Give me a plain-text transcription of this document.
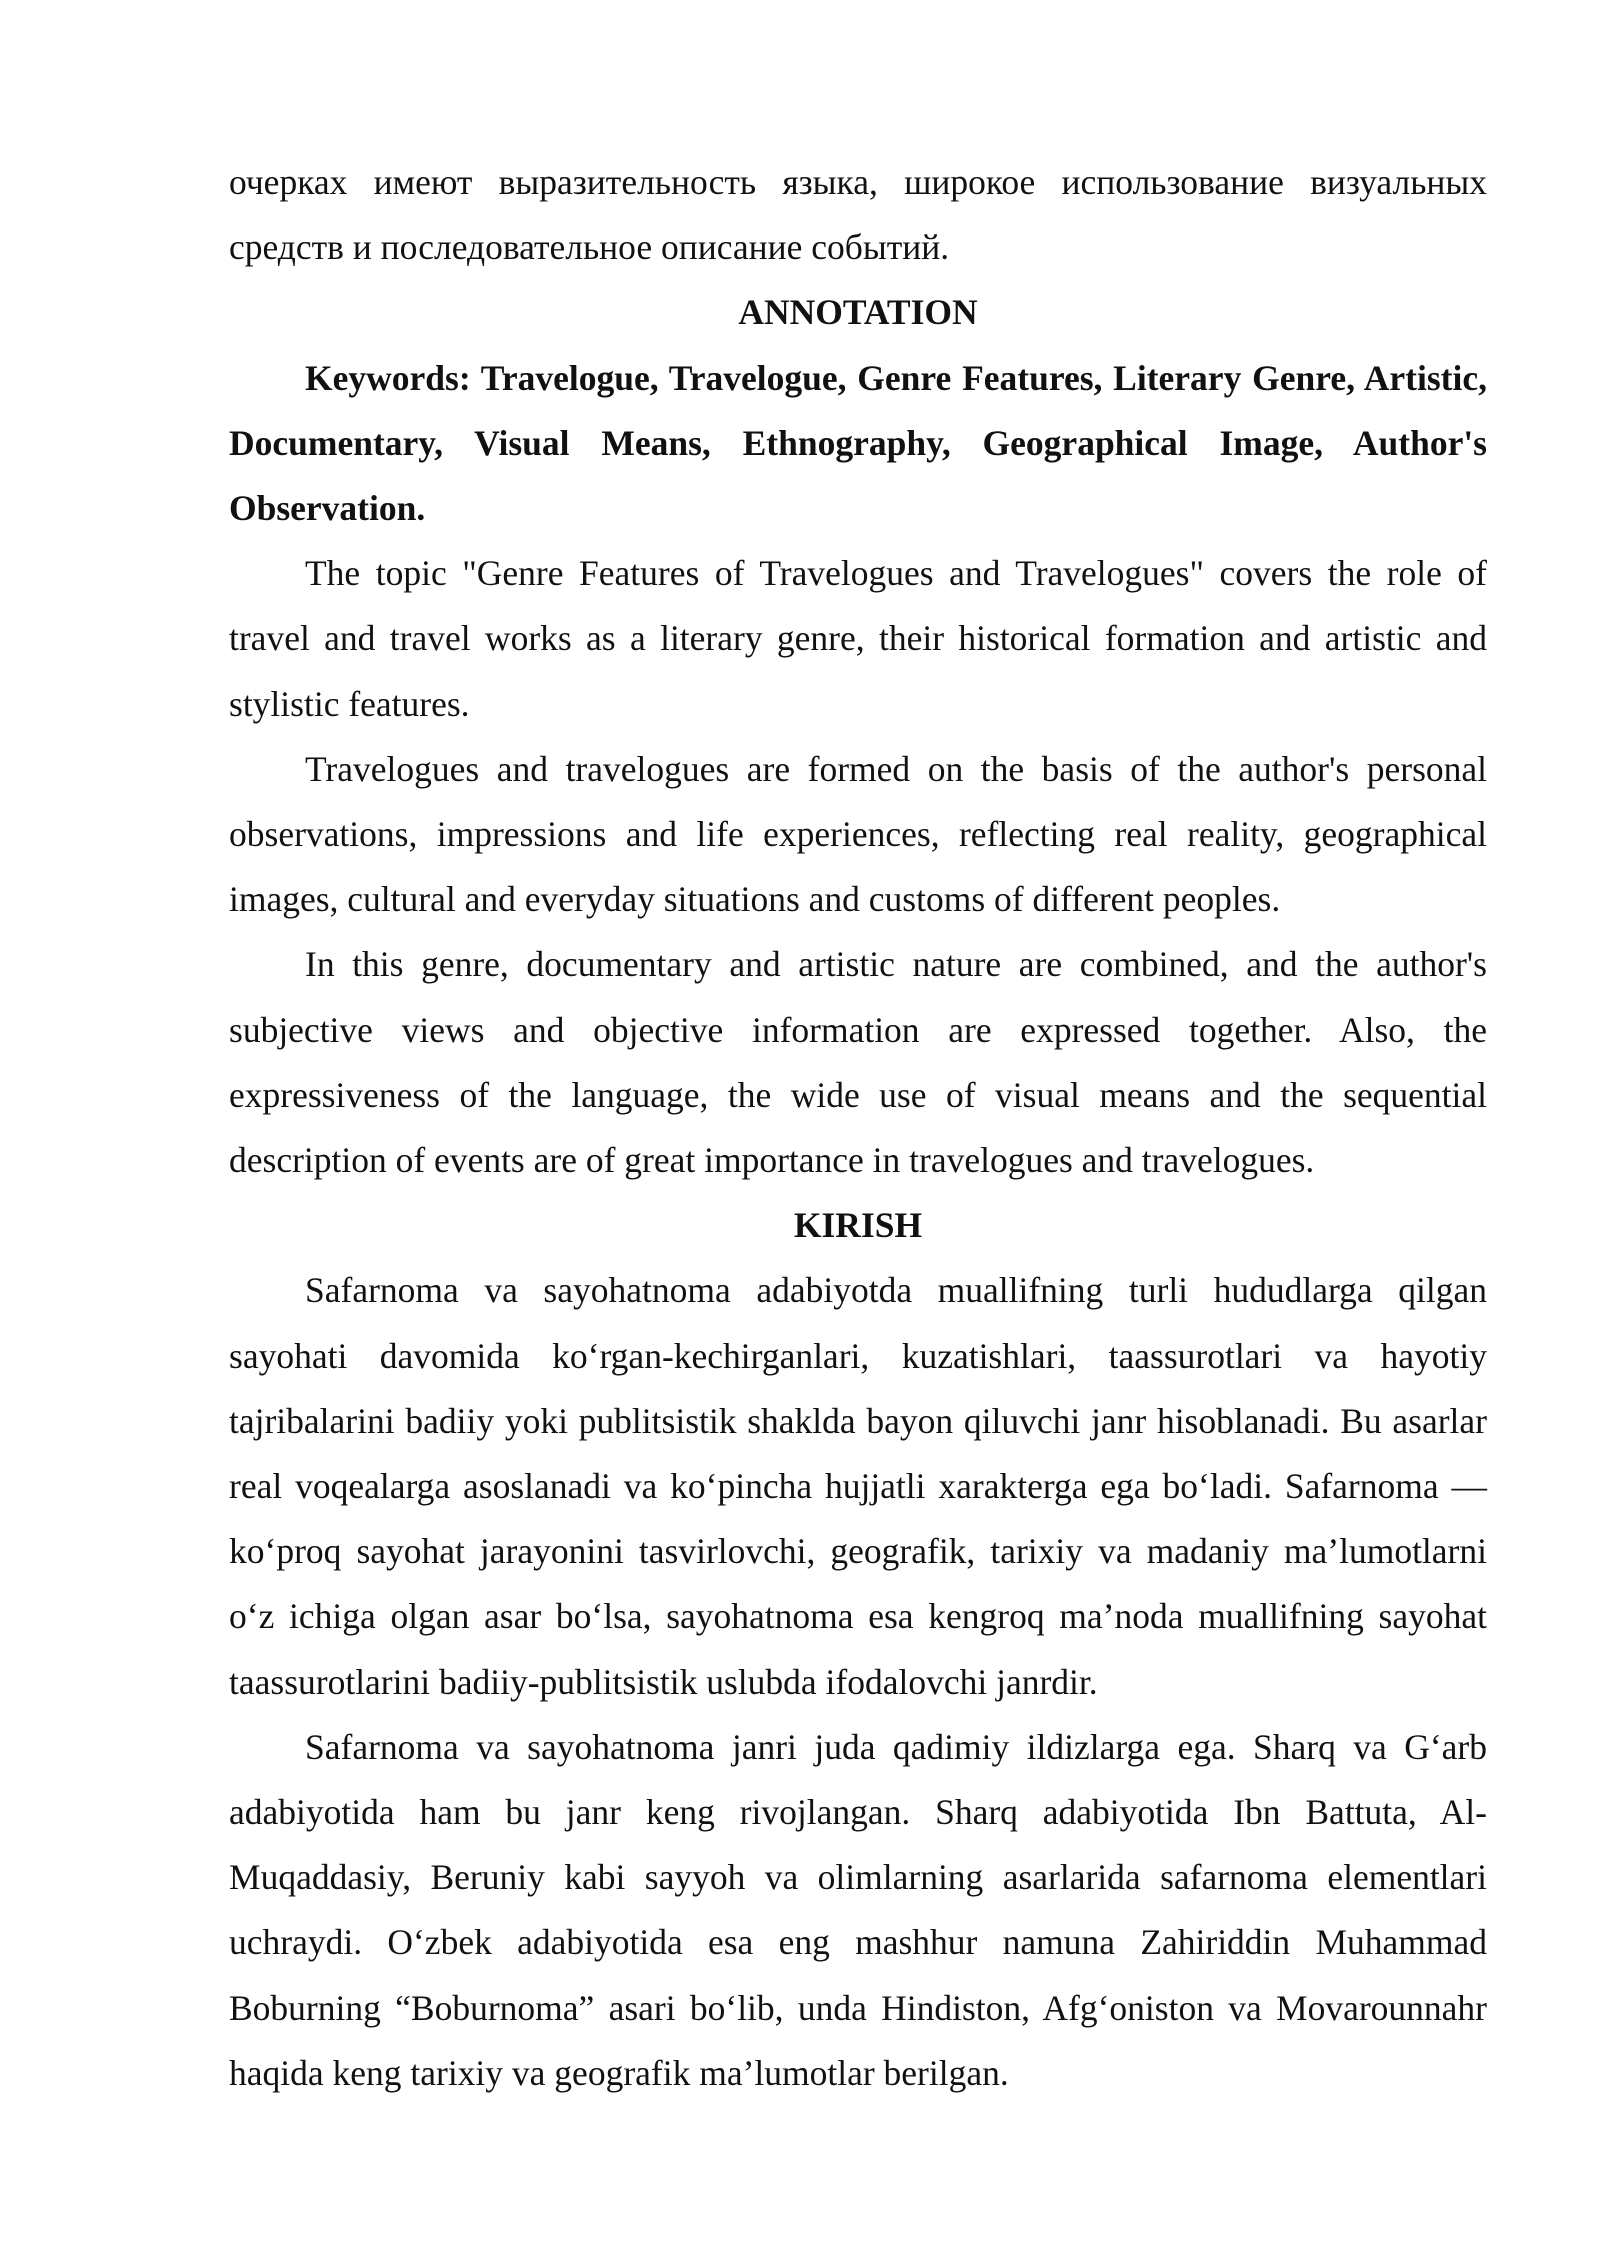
очерках имеют выразительность языка, широкое использование визуальных средств и последовательное описание событий.

ANNOTATION

Keywords: Travelogue, Travelogue, Genre Features, Literary Genre, Artistic, Documentary, Visual Means, Ethnography, Geographical Image, Author's Observation.

The topic "Genre Features of Travelogues and Travelogues" covers the role of travel and travel works as a literary genre, their historical formation and artistic and stylistic features.

Travelogues and travelogues are formed on the basis of the author's personal observations, impressions and life experiences, reflecting real reality, geographical images, cultural and everyday situations and customs of different peoples.

In this genre, documentary and artistic nature are combined, and the author's subjective views and objective information are expressed together. Also, the expressiveness of the language, the wide use of visual means and the sequential description of events are of great importance in travelogues and travelogues.

KIRISH

Safarnoma va sayohatnoma adabiyotda muallifning turli hududlarga qilgan sayohati davomida ko‘rgan-kechirganlari, kuzatishlari, taassurotlari va hayotiy tajribalarini badiiy yoki publitsistik shaklda bayon qiluvchi janr hisoblanadi. Bu asarlar real voqealarga asoslanadi va ko‘pincha hujjatli xarakterga ega bo‘ladi. Safarnoma — ko‘proq sayohat jarayonini tasvirlovchi, geografik, tarixiy va madaniy ma’lumotlarni o‘z ichiga olgan asar bo‘lsa, sayohatnoma esa kengroq ma’noda muallifning sayohat taassurotlarini badiiy-publitsistik uslubda ifodalovchi janrdir.

Safarnoma va sayohatnoma janri juda qadimiy ildizlarga ega. Sharq va G‘arb adabiyotida ham bu janr keng rivojlangan. Sharq adabiyotida Ibn Battuta, Al-Muqaddasiy, Beruniy kabi sayyoh va olimlarning asarlarida safarnoma elementlari uchraydi. O‘zbek adabiyotida esa eng mashhur namuna Zahiriddin Muhammad Boburning “Boburnoma” asari bo‘lib, unda Hindiston, Afg‘oniston va Movarounnahr haqida keng tarixiy va geografik ma’lumotlar berilgan.
